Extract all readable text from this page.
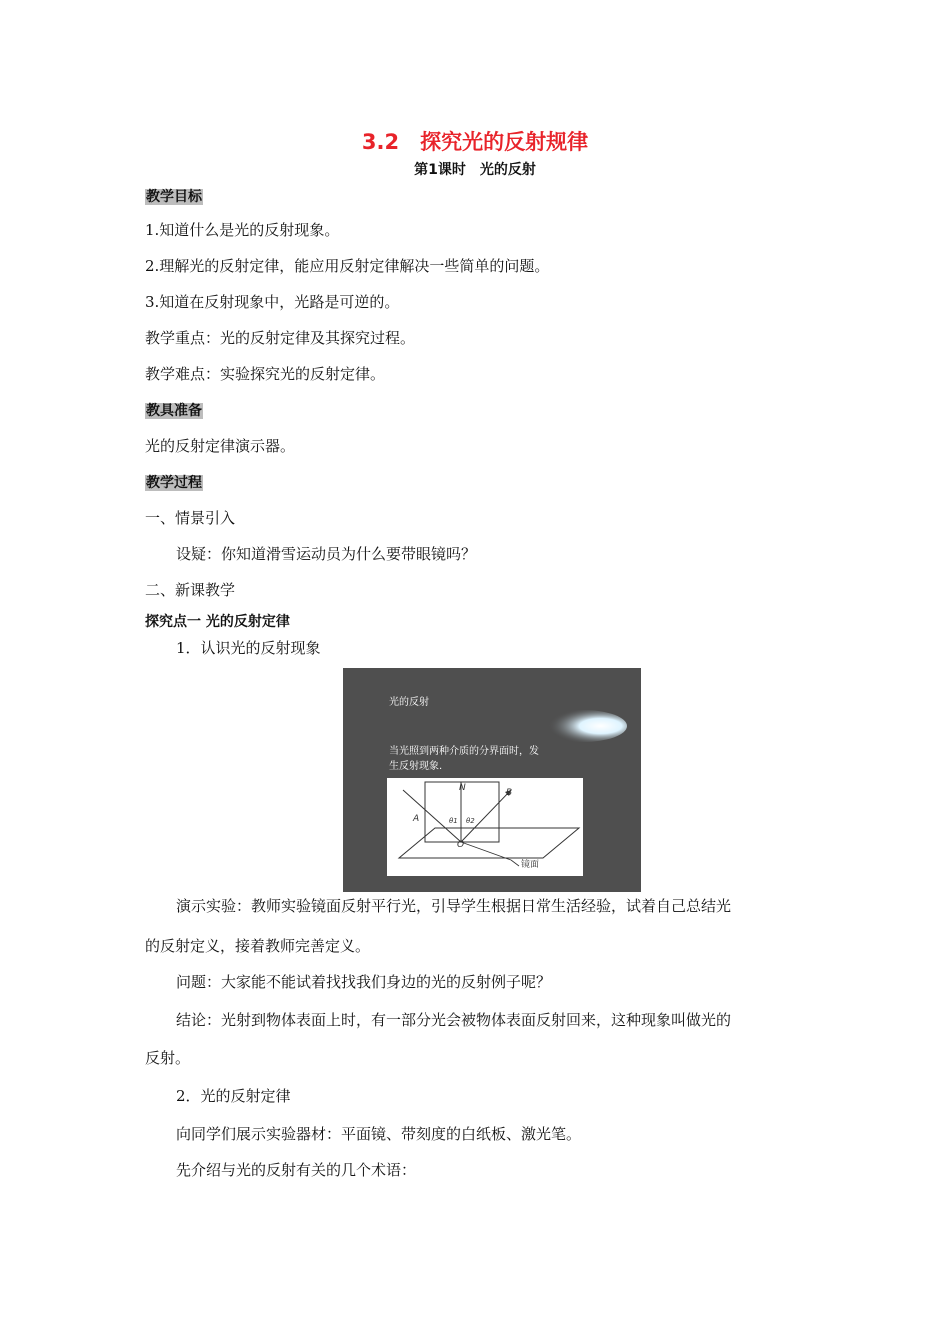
3.2　探究光的反射规律
第1课时　光的反射
教学目标
1.知道什么是光的反射现象。
2.理解光的反射定律，能应用反射定律解决一些简单的问题。
3.知道在反射现象中，光路是可逆的。
教学重点：光的反射定律及其探究过程。
教学难点：实验探究光的反射定律。
教具准备
光的反射定律演示器。
教学过程
一、情景引入
设疑：你知道滑雪运动员为什么要带眼镜吗？
二、新课教学
探究点一 光的反射定律
1．认识光的反射现象
光的反射
当光照到两种介质的分界面时，发
生反射现象.
N	B
A	θ1 θ2
O
镜面
演示实验：教师实验镜面反射平行光，引导学生根据日常生活经验，试着自己总结光
的反射定义，接着教师完善定义。
问题：大家能不能试着找找我们身边的光的反射例子呢？
结论：光射到物体表面上时，有一部分光会被物体表面反射回来，这种现象叫做光的
反射。
2．光的反射定律
向同学们展示实验器材：平面镜、带刻度的白纸板、激光笔。
先介绍与光的反射有关的几个术语：
